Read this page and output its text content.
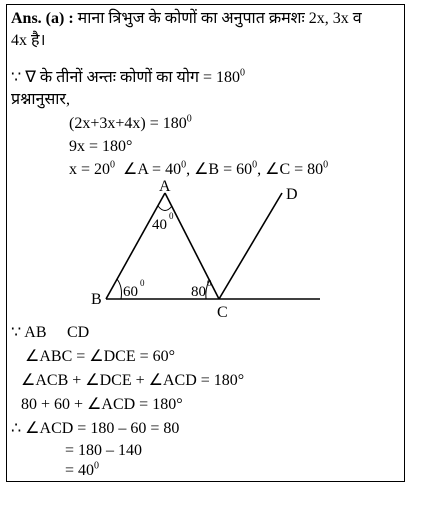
Ans. (a) : माना त्रिभुज के कोणों का अनुपात क्रमशः 2x, 3x व
4x है।
∵ ∇ के तीनों अन्तः कोणों का योग = $180^0$
प्रश्नानुसार,
$(2x+3x+4x) = 180^0$
9x = 180°
$x = 20^0$  ∠A = $40^0$, ∠B = $60^0$, ∠C = $80^0$
A
B
C
D
40
0
60
0
80
0
∵ AB ⃦ CD
∠ABC = ∠DCE = 60°
∠ACB + ∠DCE + ∠ACD = 180°
80 + 60 + ∠ACD = 180°
∴ ∠ACD = 180 – 60 = 80
= 180 – 140
= $40^0$
